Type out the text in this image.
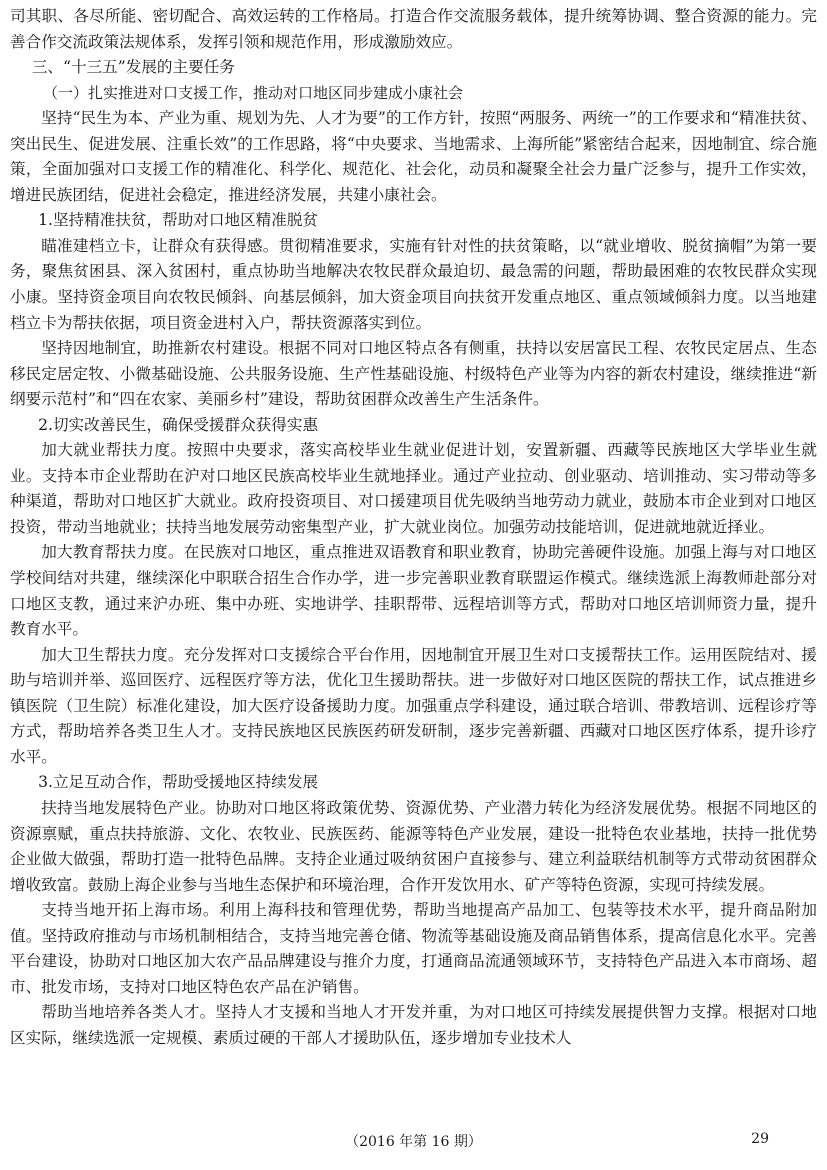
司其职、各尽所能、密切配合、高效运转的工作格局。打造合作交流服务载体，提升统筹协调、整合资源的能力。完善合作交流政策法规体系，发挥引领和规范作用，形成激励效应。

三、“十三五”发展的主要任务

（一）扎实推进对口支援工作，推动对口地区同步建成小康社会

坚持“民生为本、产业为重、规划为先、人才为要”的工作方针，按照“两服务、两统一”的工作要求和“精准扶贫、突出民生、促进发展、注重长效”的工作思路，将“中央要求、当地需求、上海所能”紧密结合起来，因地制宜、综合施策，全面加强对口支援工作的精准化、科学化、规范化、社会化，动员和凝聚全社会力量广泛参与，提升工作实效，增进民族团结，促进社会稳定，推进经济发展，共建小康社会。

1.坚持精准扶贫，帮助对口地区精准脱贫

瞄准建档立卡，让群众有获得感。贯彻精准要求，实施有针对性的扶贫策略，以“就业增收、脱贫摘帽”为第一要务，聚焦贫困县、深入贫困村，重点协助当地解决农牧民群众最迫切、最急需的问题，帮助最困难的农牧民群众实现小康。坚持资金项目向农牧民倾斜、向基层倾斜，加大资金项目向扶贫开发重点地区、重点领域倾斜力度。以当地建档立卡为帮扶依据，项目资金进村入户，帮扶资源落实到位。

坚持因地制宜，助推新农村建设。根据不同对口地区特点各有侧重，扶持以安居富民工程、农牧民定居点、生态移民定居定牧、小微基础设施、公共服务设施、生产性基础设施、村级特色产业等为内容的新农村建设，继续推进“新纲要示范村”和“四在农家、美丽乡村”建设，帮助贫困群众改善生产生活条件。

2.切实改善民生，确保受援群众获得实惠

加大就业帮扶力度。按照中央要求，落实高校毕业生就业促进计划，安置新疆、西藏等民族地区大学毕业生就业。支持本市企业帮助在沪对口地区民族高校毕业生就地择业。通过产业拉动、创业驱动、培训推动、实习带动等多种渠道，帮助对口地区扩大就业。政府投资项目、对口援建项目优先吸纳当地劳动力就业，鼓励本市企业到对口地区投资，带动当地就业；扶持当地发展劳动密集型产业，扩大就业岗位。加强劳动技能培训，促进就地就近择业。

加大教育帮扶力度。在民族对口地区，重点推进双语教育和职业教育，协助完善硬件设施。加强上海与对口地区学校间结对共建，继续深化中职联合招生合作办学，进一步完善职业教育联盟运作模式。继续选派上海教师赴部分对口地区支教，通过来沪办班、集中办班、实地讲学、挂职帮带、远程培训等方式，帮助对口地区培训师资力量，提升教育水平。

加大卫生帮扶力度。充分发挥对口支援综合平台作用，因地制宜开展卫生对口支援帮扶工作。运用医院结对、援助与培训并举、巡回医疗、远程医疗等方法，优化卫生援助帮扶。进一步做好对口地区医院的帮扶工作，试点推进乡镇医院（卫生院）标准化建设，加大医疗设备援助力度。加强重点学科建设，通过联合培训、带教培训、远程诊疗等方式，帮助培养各类卫生人才。支持民族地区民族医药研发研制，逐步完善新疆、西藏对口地区医疗体系，提升诊疗水平。

3.立足互动合作，帮助受援地区持续发展

扶持当地发展特色产业。协助对口地区将政策优势、资源优势、产业潜力转化为经济发展优势。根据不同地区的资源禀赋，重点扶持旅游、文化、农牧业、民族医药、能源等特色产业发展，建设一批特色农业基地，扶持一批优势企业做大做强，帮助打造一批特色品牌。支持企业通过吸纳贫困户直接参与、建立利益联结机制等方式带动贫困群众增收致富。鼓励上海企业参与当地生态保护和环境治理，合作开发饮用水、矿产等特色资源，实现可持续发展。

支持当地开拓上海市场。利用上海科技和管理优势，帮助当地提高产品加工、包装等技术水平，提升商品附加值。坚持政府推动与市场机制相结合，支持当地完善仓储、物流等基础设施及商品销售体系，提高信息化水平。完善平台建设，协助对口地区加大农产品品牌建设与推介力度，打通商品流通领域环节，支持特色产品进入本市商场、超市、批发市场，支持对口地区特色农产品在沪销售。

帮助当地培养各类人才。坚持人才支援和当地人才开发并重，为对口地区可持续发展提供智力支撑。根据对口地区实际，继续选派一定规模、素质过硬的干部人才援助队伍，逐步增加专业技术人

（2016 年第 16 期）	29
